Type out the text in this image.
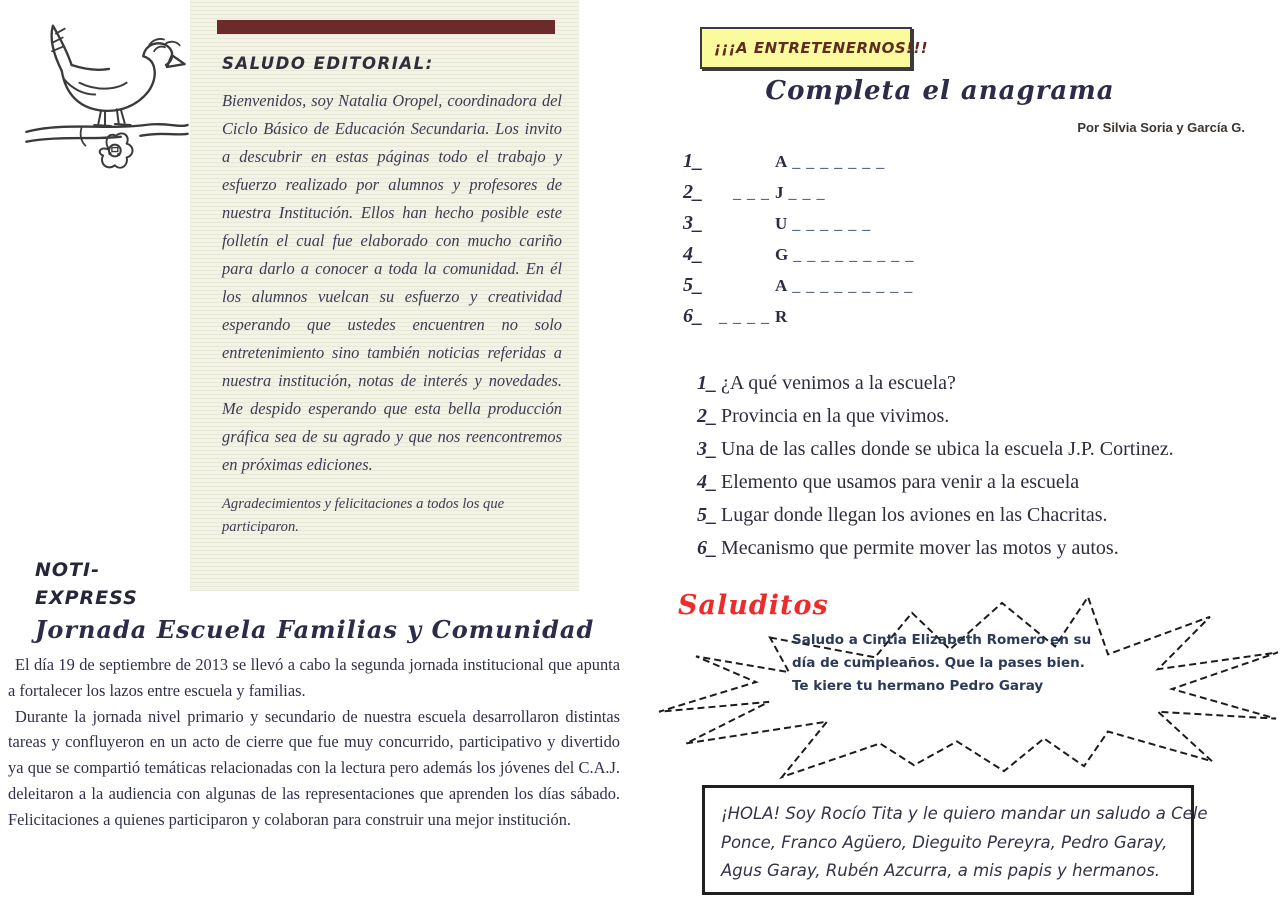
SALUDO EDITORIAL:

Bienvenidos, soy Natalia Oropel, coordinadora del Ciclo Básico de Educación Secundaria. Los invito a descubrir en estas páginas todo el trabajo y esfuerzo realizado por alumnos y profesores de nuestra Institución. Ellos han hecho posible este folletín el cual fue elaborado con mucho cariño para darlo a conocer a toda la comunidad. En él los alumnos vuelcan su esfuerzo y creatividad esperando que ustedes encuentren no solo entretenimiento sino también noticias referidas a nuestra institución, notas de interés y novedades. Me despido esperando que esta bella producción gráfica sea de su agrado y que nos reencontremos en próximas ediciones.

Agradecimientos y felicitaciones a todos los que participaron.

NOTI-
EXPRESS
Jornada Escuela Familias y Comunidad

El día 19 de septiembre de 2013 se llevó a cabo la segunda jornada institucional que apunta a fortalecer los lazos entre escuela y familias.

Durante la jornada nivel primario y secundario de nuestra escuela desarrollaron distintas tareas y confluyeron en un acto de cierre que fue muy concurrido, participativo y divertido ya que se compartió temáticas relacionadas con la lectura pero además los jóvenes del C.A.J. deleitaron a la audiencia con algunas de las representaciones que aprenden los días sábado. Felicitaciones a quienes participaron y colaboran para construir una mejor institución.

¡¡¡A ENTRETENERNOS!!!
Completa el anagrama
Por Silvia Soria y García G.
1_	A _ _ _ _ _ _ _
2_	_ _ _ J _ _ _
3_	U _ _ _ _ _ _
4_	G _ _ _ _ _ _ _ _ _
5_	A _ _ _ _ _ _ _ _ _
6_	_ _ _ _ R
1_ ¿A qué venimos a la escuela?
2_ Provincia en la que vivimos.
3_ Una de las calles donde se ubica la escuela J.P. Cortinez.
4_ Elemento que usamos para venir a la escuela
5_ Lugar donde llegan los aviones en las Chacritas.
6_ Mecanismo que permite mover las motos y autos.
Saluditos
Saludo a Cintia Elizabeth Romero en su
día de cumpleaños. Que la pases bien.
Te kiere tu hermano Pedro Garay
¡HOLA! Soy Rocío Tita y le quiero mandar un saludo a Cele
Ponce, Franco Agüero, Dieguito Pereyra, Pedro Garay,
Agus Garay, Rubén Azcurra, a mis papis y hermanos.
